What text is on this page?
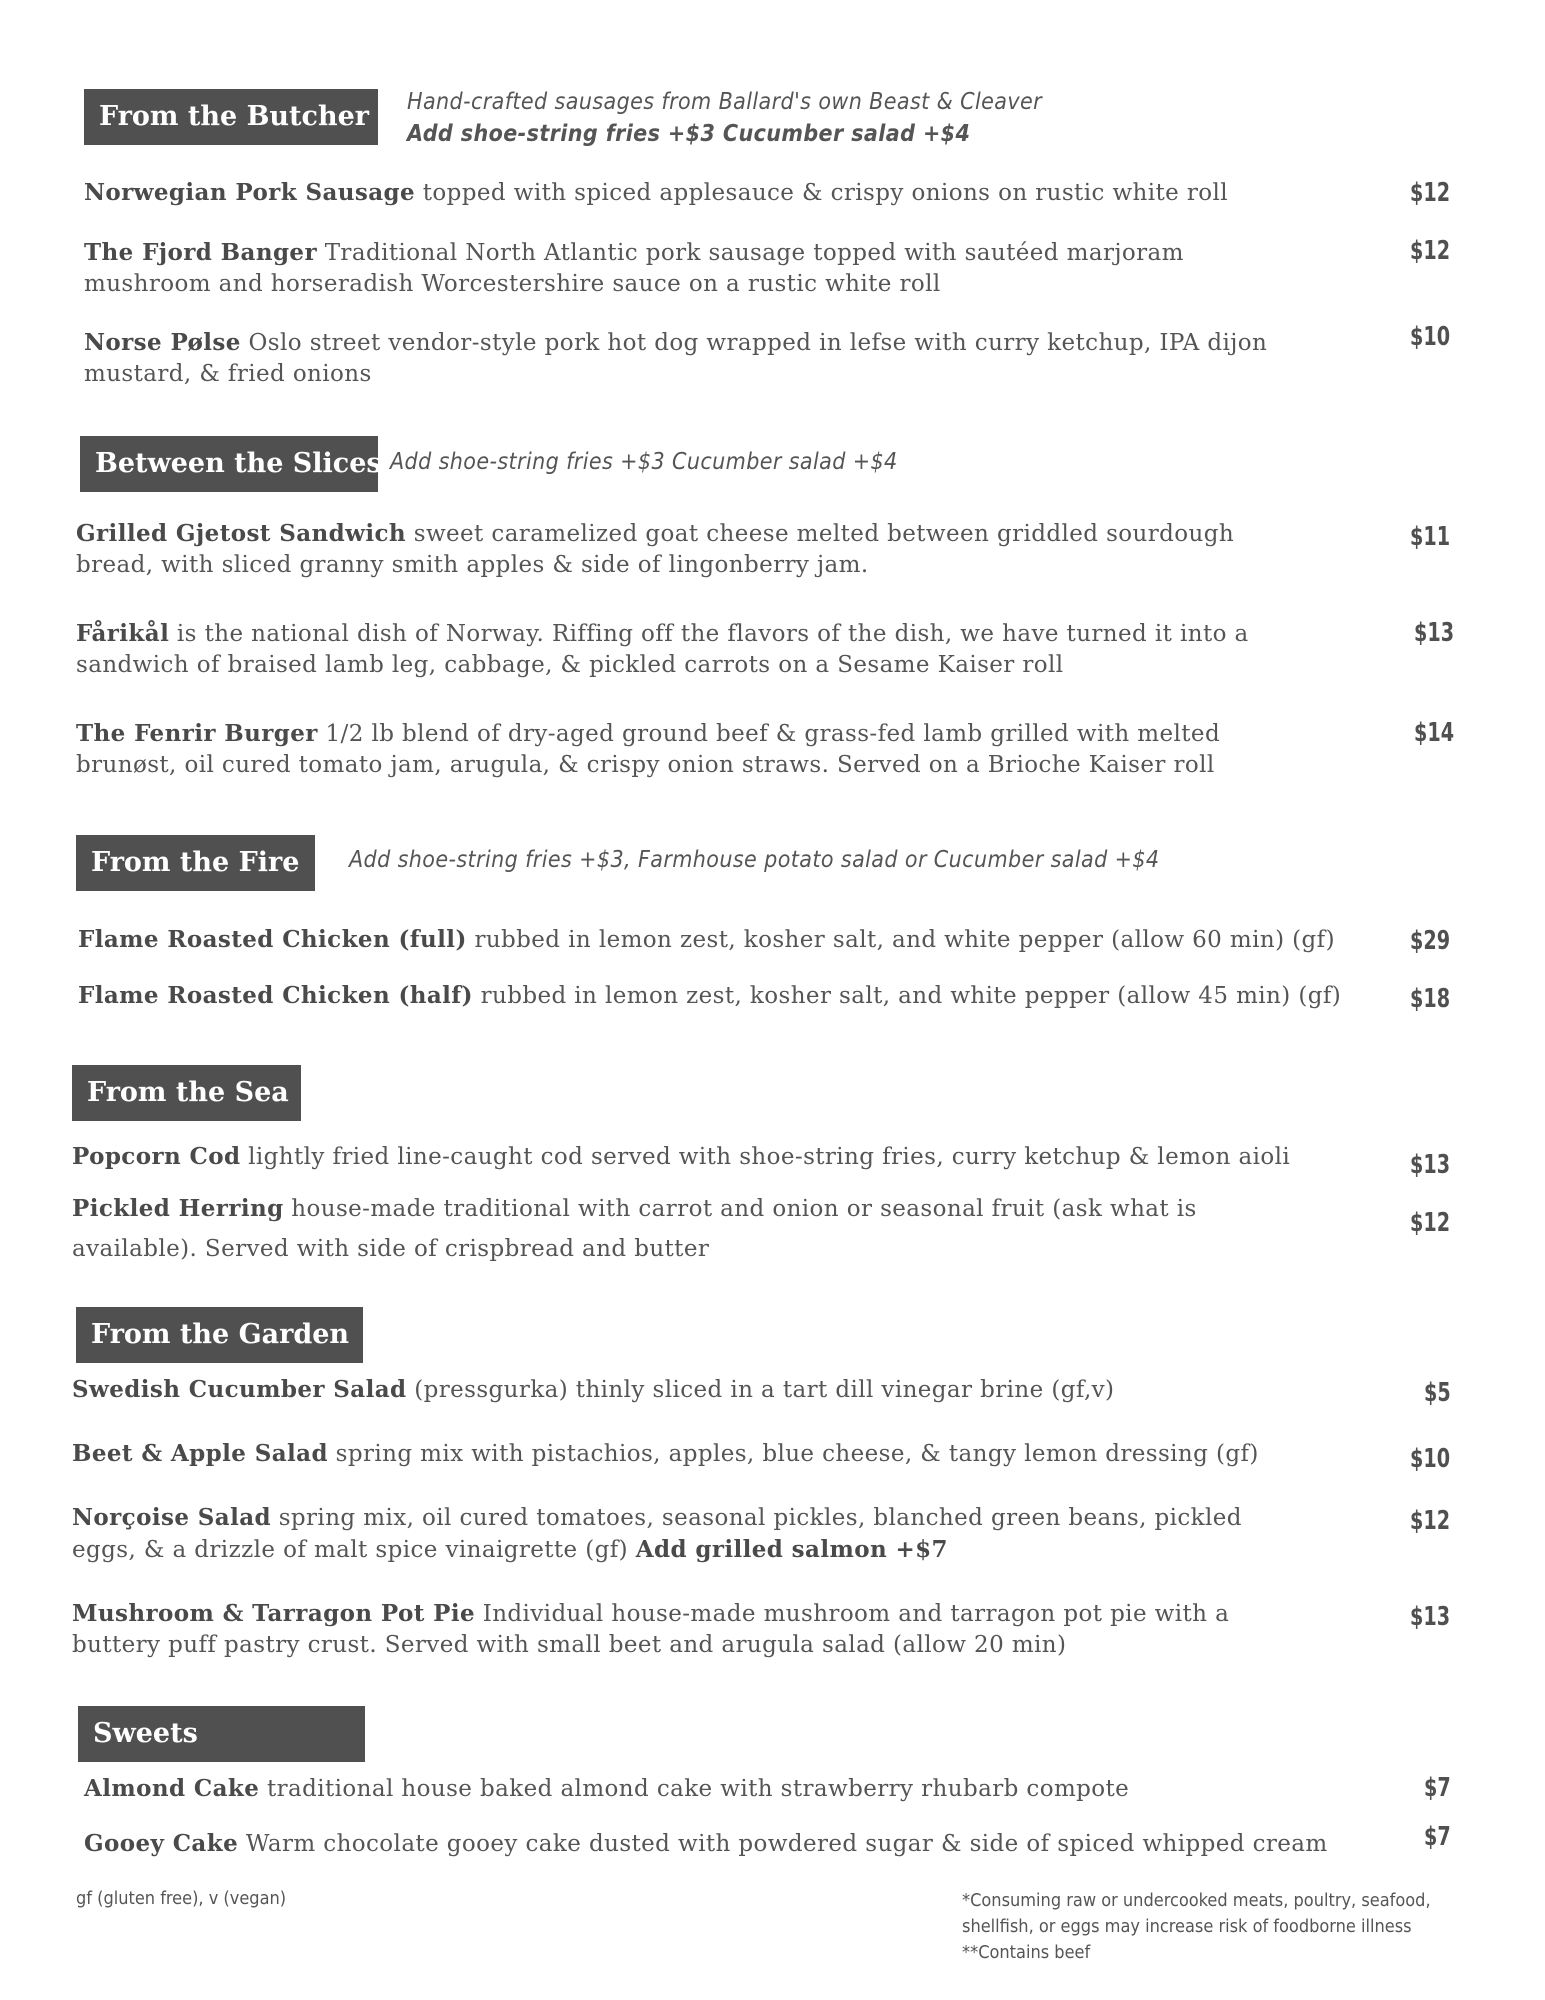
From the Butcher	Hand-crafted sausages from Ballard's own Beast & Cleaver
Add shoe-string fries +$3 Cucumber salad +$4
Norwegian Pork Sausage topped with spiced applesauce & crispy onions on rustic white roll	$12
The Fjord Banger Traditional North Atlantic pork sausage topped with sautéed marjoram mushroom and horseradish Worcestershire sauce on a rustic white roll
$12
Norse Pølse Oslo street vendor-style pork hot dog wrapped in lefse with curry ketchup, IPA dijon mustard, & fried onions
$10
Between the Slices Add shoe-string fries +$3 Cucumber salad +$4
Grilled Gjetost Sandwich sweet caramelized goat cheese melted between griddled sourdough bread, with sliced granny smith apples & side of lingonberry jam.
$11
Fårikål is the national dish of Norway. Riffing off the flavors of the dish, we have turned it into a sandwich of braised lamb leg, cabbage, & pickled carrots on a Sesame Kaiser roll
$13
The Fenrir Burger 1/2 lb blend of dry-aged ground beef & grass-fed lamb grilled with melted brunøst, oil cured tomato jam, arugula, & crispy onion straws. Served on a Brioche Kaiser roll
$14
From the Fire	Add shoe-string fries +$3, Farmhouse potato salad or Cucumber salad +$4
Flame Roasted Chicken (full) rubbed in lemon zest, kosher salt, and white pepper (allow 60 min) (gf)	$29
Flame Roasted Chicken (half) rubbed in lemon zest, kosher salt, and white pepper (allow 45 min) (gf)	$18
From the Sea
Popcorn Cod lightly fried line-caught cod served with shoe-string fries, curry ketchup & lemon aioli	$13
Pickled Herring house-made traditional with carrot and onion or seasonal fruit (ask what is available). Served with side of crispbread and butter
$12
From the Garden
Swedish Cucumber Salad (pressgurka) thinly sliced in a tart dill vinegar brine (gf,v)	$5
Beet & Apple Salad spring mix with pistachios, apples, blue cheese, & tangy lemon dressing (gf)	$10
Norçoise Salad spring mix, oil cured tomatoes, seasonal pickles, blanched green beans, pickled eggs, & a drizzle of malt spice vinaigrette (gf) Add grilled salmon +$7
$12
Mushroom & Tarragon Pot Pie Individual house-made mushroom and tarragon pot pie with a buttery puff pastry crust. Served with small beet and arugula salad (allow 20 min)
$13
Sweets
Almond Cake traditional house baked almond cake with strawberry rhubarb compote	$7
Gooey Cake Warm chocolate gooey cake dusted with powdered sugar & side of spiced whipped cream	$7
gf (gluten free), v (vegan)	*Consuming raw or undercooked meats, poultry, seafood,
shellfish, or eggs may increase risk of foodborne illness
**Contains beef
